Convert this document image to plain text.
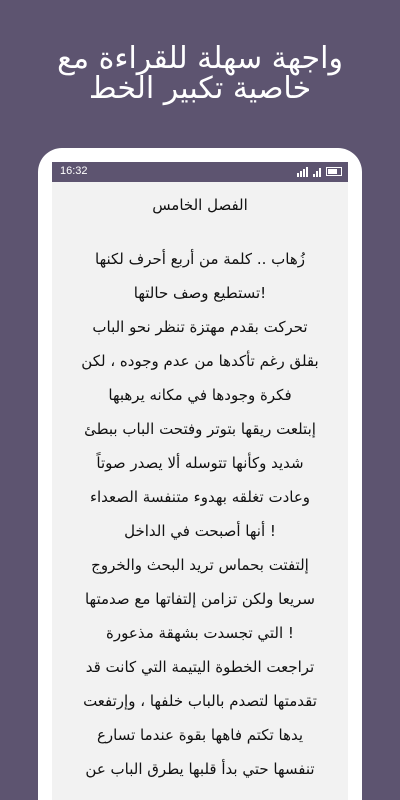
واجهة سهلة للقراءة مع
خاصية تكبير الخط
16:32
الفصل الخامس
زُهاب .. كلمة من أربع أحرف لكنها
!تستطيع وصف حالتها
تحركت بقدم مهتزة تنظر نحو الباب
بقلق رغم تأكدها من عدم وجوده ، لكن
فكرة وجودها في مكانه يرهبها
إبتلعت ريقها بتوتر وفتحت الباب ببطئ
شديد وكأنها تتوسله ألا يصدر صوتاً
وعادت تغلقه بهدوء متنفسة الصعداء
! أنها أصبحت في الداخل
إلتفتت بحماس تريد البحث والخروج
سريعا ولكن تزامن إلتفاتها مع صدمتها
! التي تجسدت بشهقة مذعورة
تراجعت الخطوة اليتيمة التي كانت قد
تقدمتها لتصدم بالباب خلفها ، وإرتفعت
يدها تكتم فاهها بقوة عندما تسارع
تنفسها حتي بدأ قلبها يطرق الباب عن
